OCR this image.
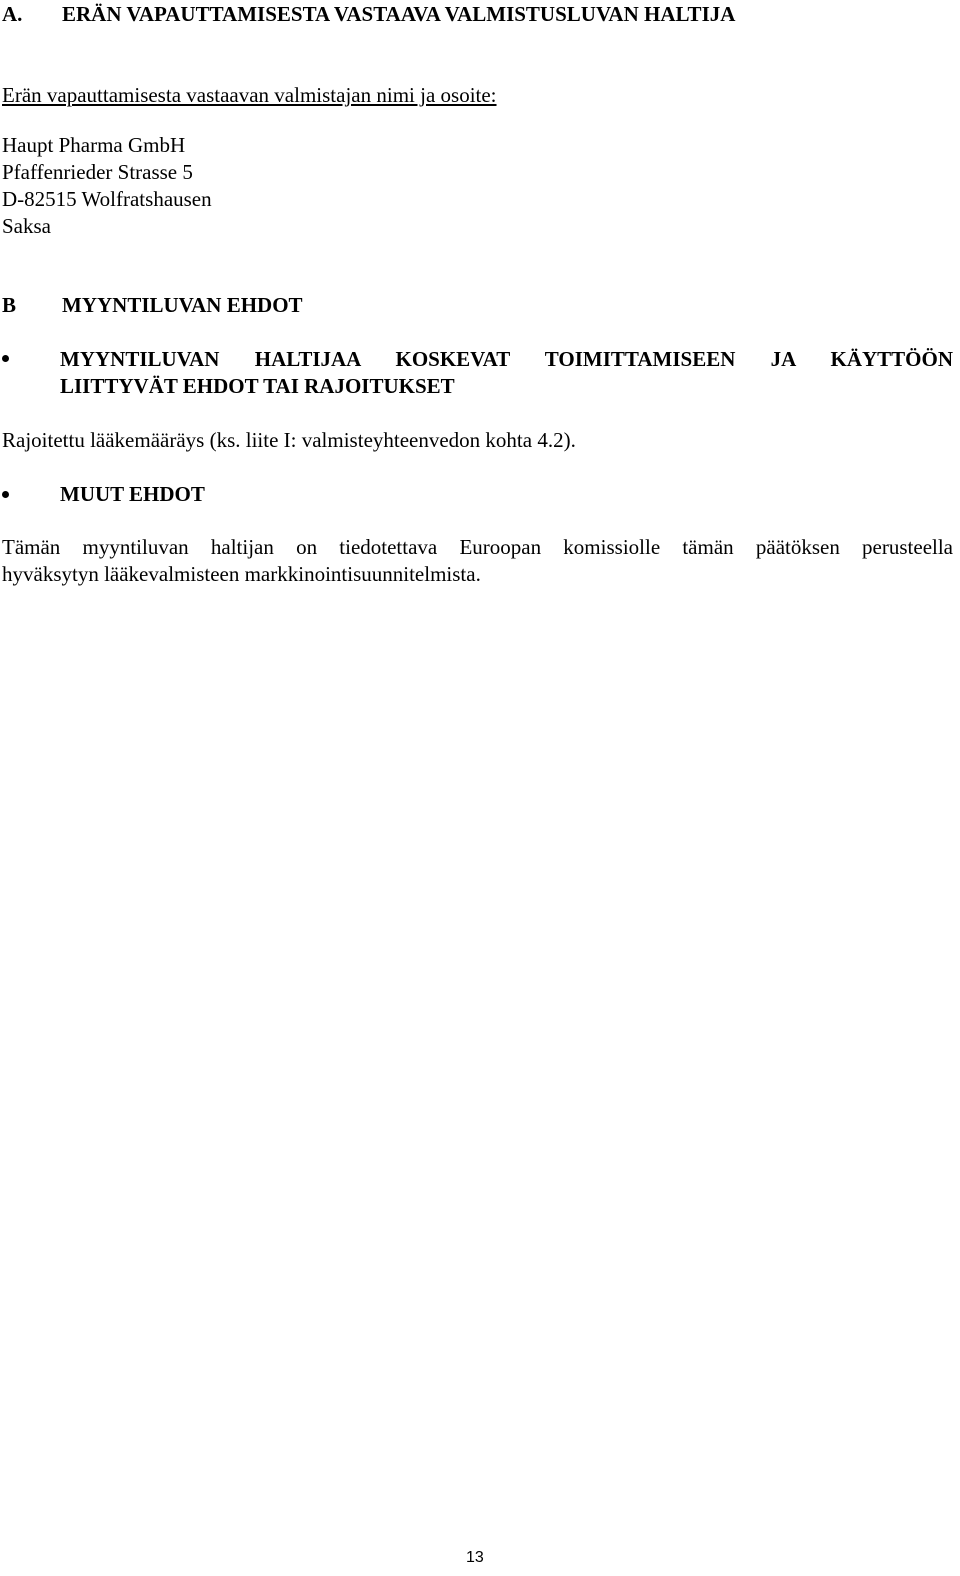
A. ERÄN VAPAUTTAMISESTA VASTAAVA VALMISTUSLUVAN HALTIJA
Erän vapauttamisesta vastaavan valmistajan nimi ja osoite:
Haupt Pharma GmbH
Pfaffenrieder Strasse 5
D-82515 Wolfratshausen
Saksa
B MYYNTILUVAN EHDOT
MYYNTILUVAN HALTIJAA KOSKEVAT TOIMITTAMISEEN JA KÄYTTÖÖN
LIITTYVÄT EHDOT TAI RAJOITUKSET
Rajoitettu lääkemääräys (ks. liite I: valmisteyhteenvedon kohta 4.2).
MUUT EHDOT
Tämän myyntiluvan haltijan on tiedotettava Euroopan komissiolle tämän päätöksen perusteella
hyväksytyn lääkevalmisteen markkinointisuunnitelmista.
13
